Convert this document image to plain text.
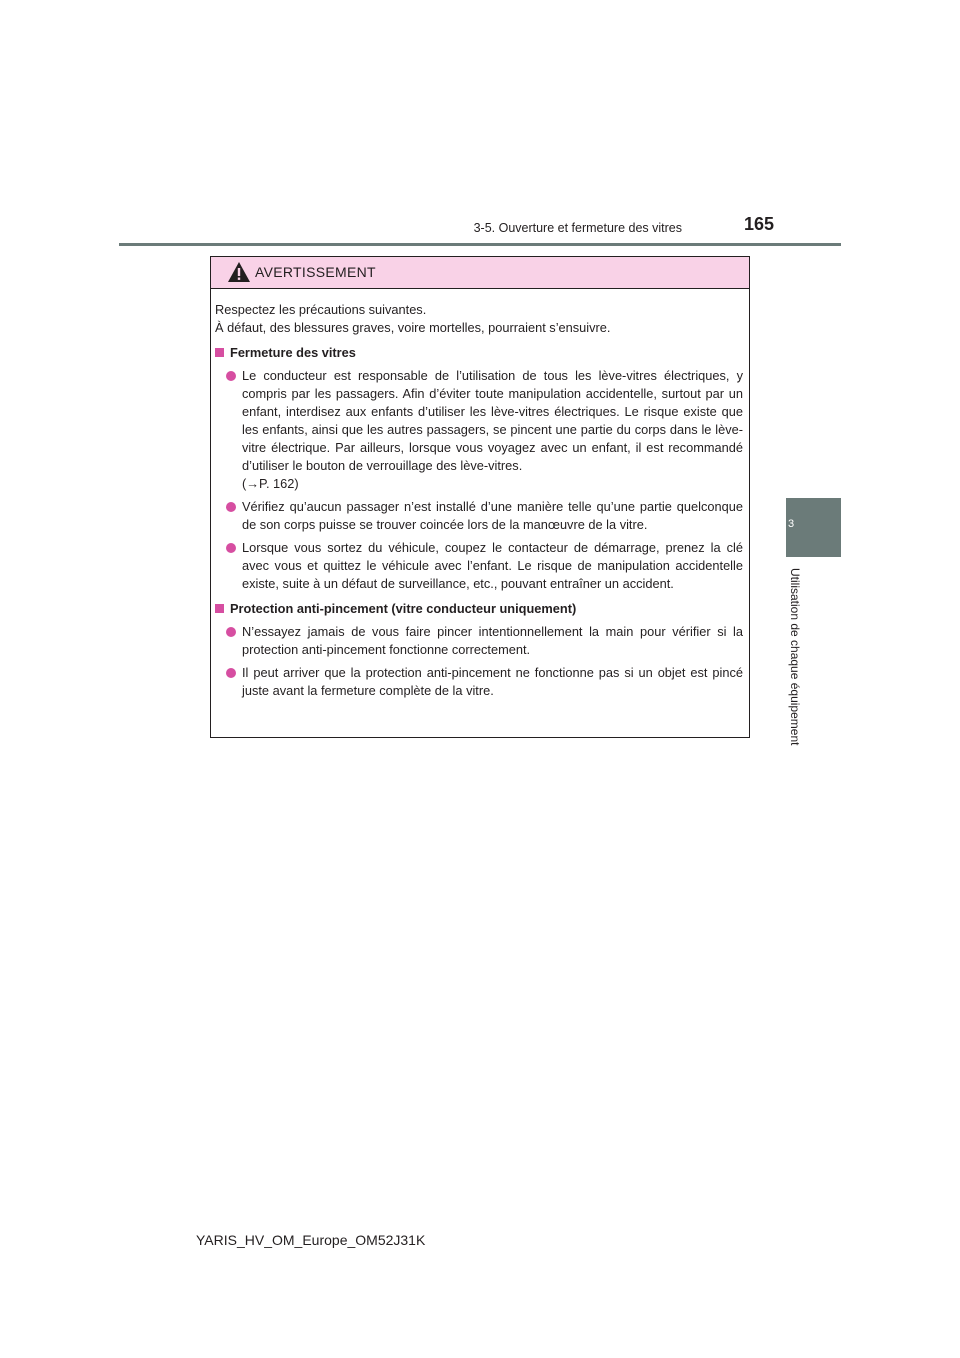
3-5. Ouverture et fermeture des vitres	165
3
Utilisation de chaque équipement
AVERTISSEMENT
Respectez les précautions suivantes.
À défaut, des blessures graves, voire mortelles, pourraient s’ensuivre.
Fermeture des vitres
Le conducteur est responsable de l’utilisation de tous les lève-vitres électriques, y compris par les passagers. Afin d’éviter toute manipulation accidentelle, surtout par un enfant, interdisez aux enfants d’utiliser les lève-vitres électriques. Le risque existe que les enfants, ainsi que les autres passagers, se pincent une partie du corps dans le lève-vitre électrique. Par ailleurs, lorsque vous voyagez avec un enfant, il est recommandé d’utiliser le bouton de verrouillage des lève-vitres.
(→P. 162)
Vérifiez qu’aucun passager n’est installé d’une manière telle qu’une partie quelconque de son corps puisse se trouver coincée lors de la manœuvre de la vitre.
Lorsque vous sortez du véhicule, coupez le contacteur de démarrage, prenez la clé avec vous et quittez le véhicule avec l’enfant. Le risque de manipulation accidentelle existe, suite à un défaut de surveillance, etc., pouvant entraîner un accident.
Protection anti-pincement (vitre conducteur uniquement)
N’essayez jamais de vous faire pincer intentionnellement la main pour vérifier si la protection anti-pincement fonctionne correctement.
Il peut arriver que la protection anti-pincement ne fonctionne pas si un objet est pincé juste avant la fermeture complète de la vitre.
YARIS_HV_OM_Europe_OM52J31K
